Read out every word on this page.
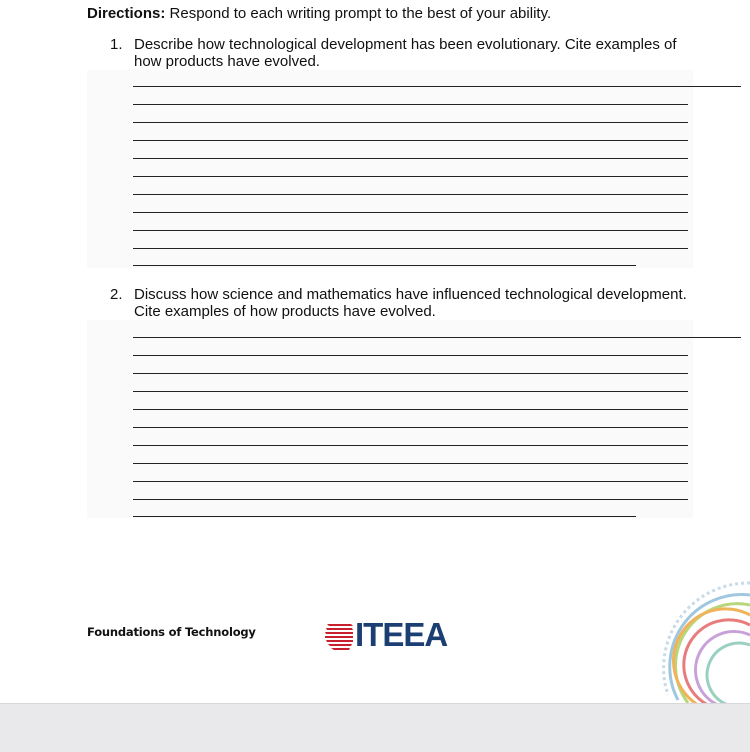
Directions: Respond to each writing prompt to the best of your ability.
1. Describe how technological development has been evolutionary. Cite examples of how products have evolved.
2. Discuss how science and mathematics have influenced technological development. Cite examples of how products have evolved.
Foundations of Technology	ITEEA
